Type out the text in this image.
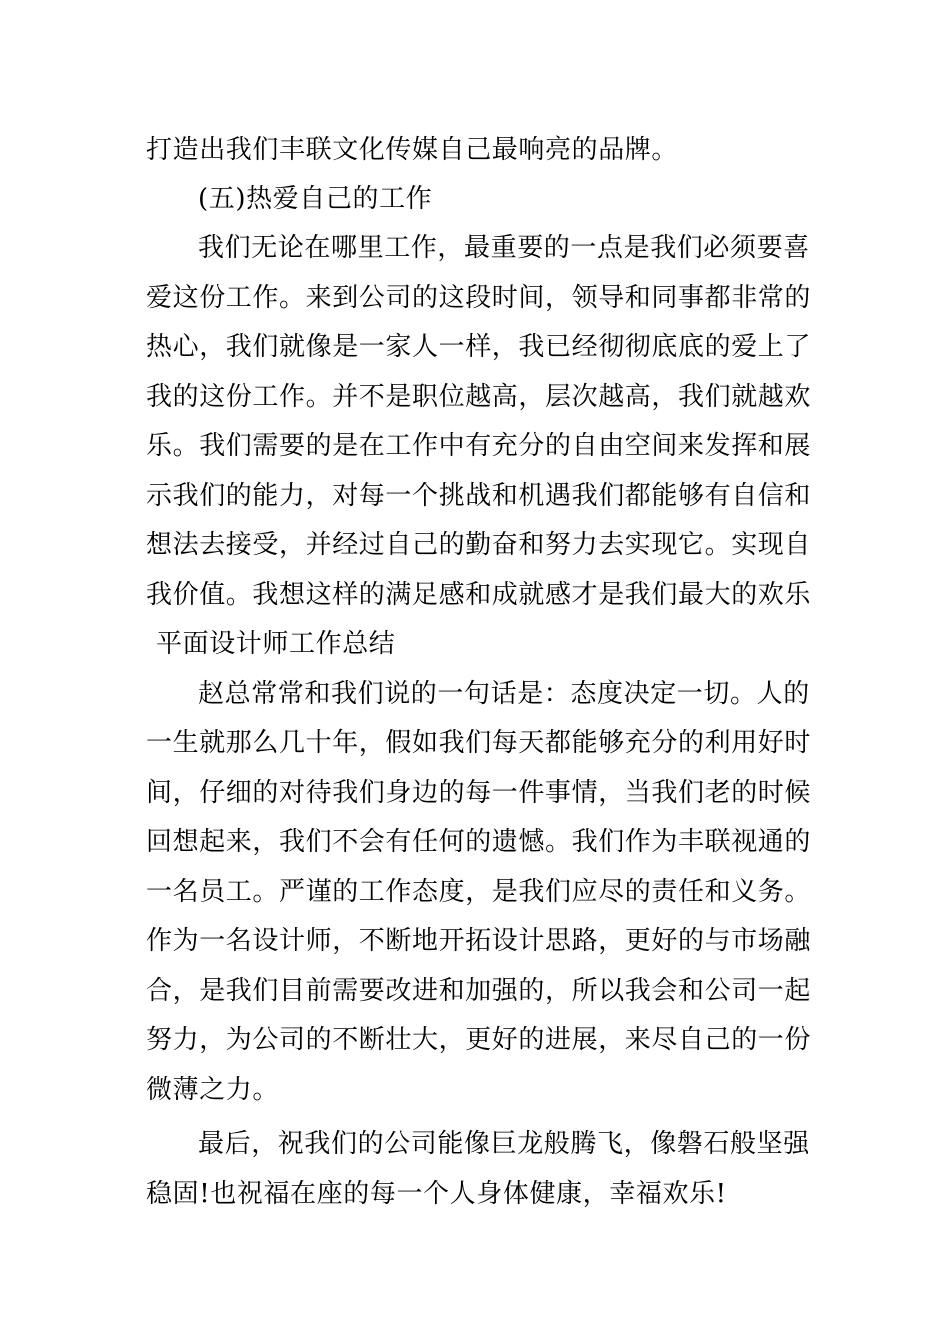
打造出我们丰联文化传媒自己最响亮的品牌。
(五)热爱自己的工作
我们无论在哪里工作，最重要的一点是我们必须要喜
爱这份工作。来到公司的这段时间，领导和同事都非常的
热心，我们就像是一家人一样，我已经彻彻底底的爱上了
我的这份工作。并不是职位越高，层次越高，我们就越欢
乐。我们需要的是在工作中有充分的自由空间来发挥和展
示我们的能力，对每一个挑战和机遇我们都能够有自信和
想法去接受，并经过自己的勤奋和努力去实现它。实现自
我价值。我想这样的满足感和成就感才是我们最大的欢乐
平面设计师工作总结
赵总常常和我们说的一句话是：态度决定一切。人的
一生就那么几十年，假如我们每天都能够充分的利用好时
间，仔细的对待我们身边的每一件事情，当我们老的时候
回想起来，我们不会有任何的遗憾。我们作为丰联视通的
一名员工。严谨的工作态度，是我们应尽的责任和义务。
作为一名设计师，不断地开拓设计思路，更好的与市场融
合，是我们目前需要改进和加强的，所以我会和公司一起
努力，为公司的不断壮大，更好的进展，来尽自己的一份
微薄之力。
最后，祝我们的公司能像巨龙般腾飞，像磐石般坚强
稳固!也祝福在座的每一个人身体健康，幸福欢乐!
